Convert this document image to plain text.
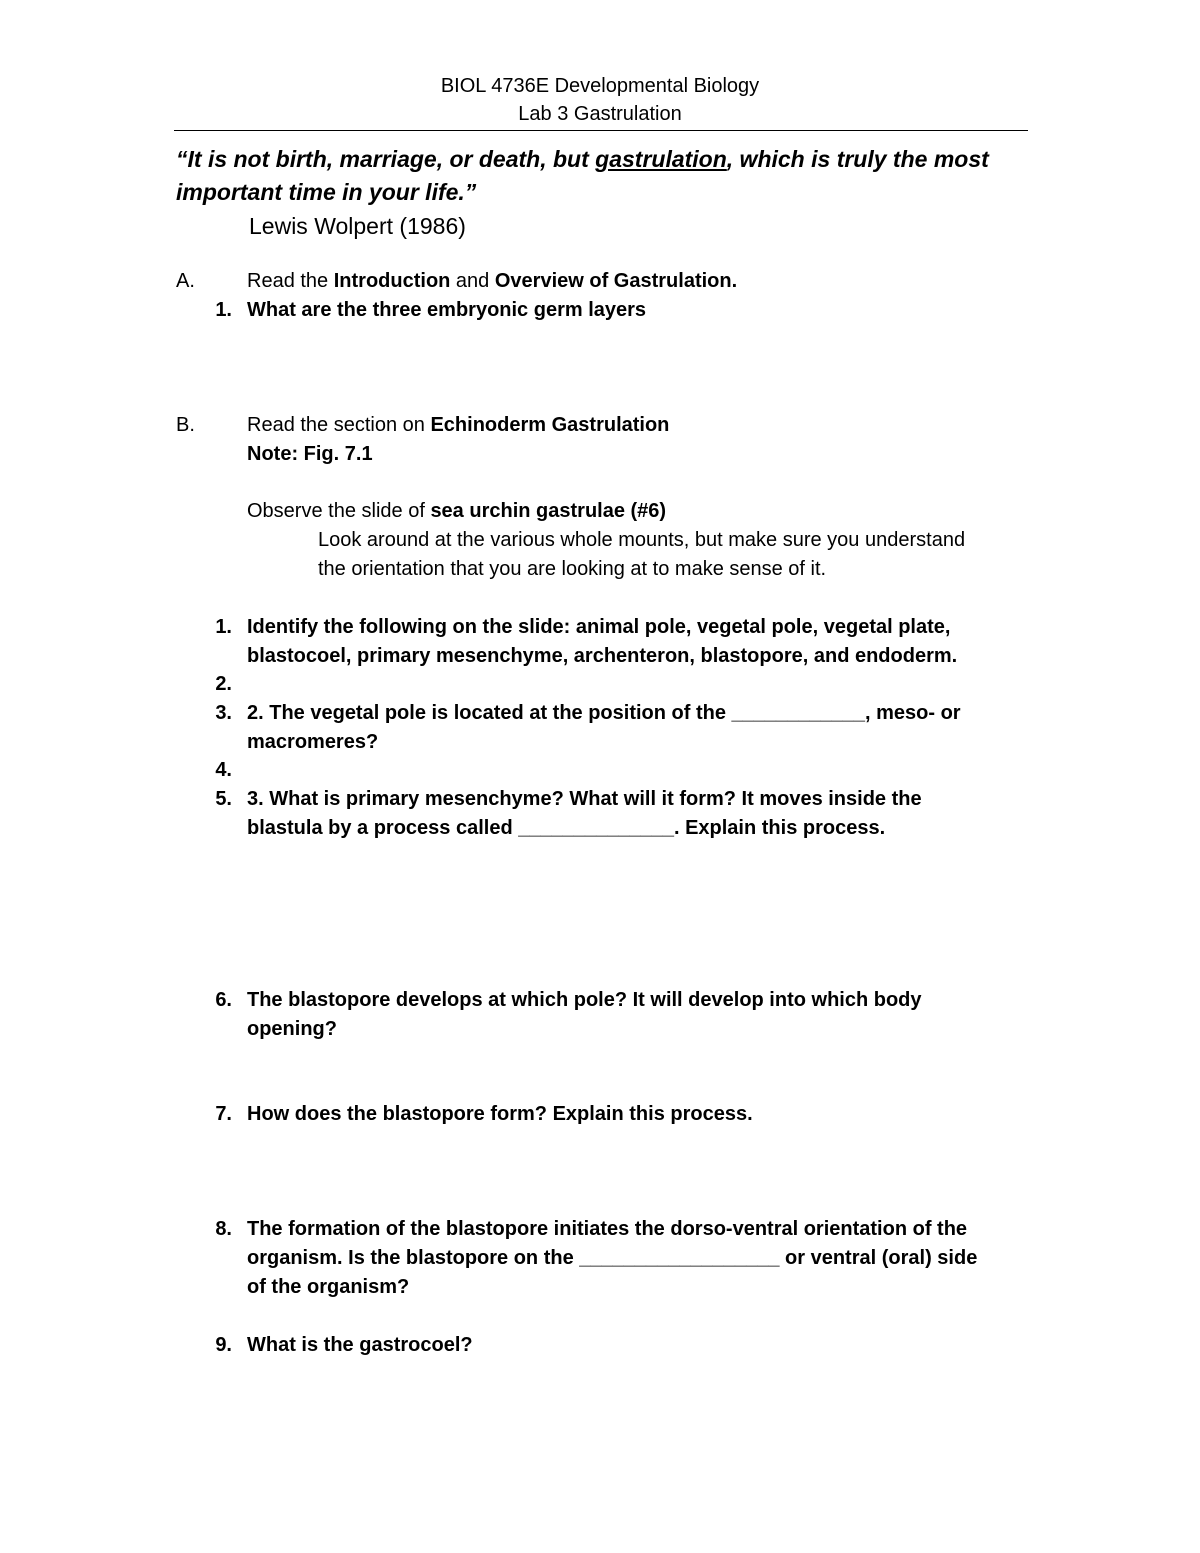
BIOL 4736E Developmental Biology
Lab 3 Gastrulation
“It is not birth, marriage, or death, but gastrulation, which is truly the most
important time in your life.”
Lewis Wolpert (1986)
A.	Read the Introduction and Overview of Gastrulation.
1. What are the three embryonic germ layers
B.	Read the section on Echinoderm Gastrulation
Note: Fig. 7.1
Observe the slide of sea urchin gastrulae (#6)
Look around at the various whole mounts, but make sure you understand
the orientation that you are looking at to make sense of it.
1. Identify the following on the slide: animal pole, vegetal pole, vegetal plate,
blastocoel, primary mesenchyme, archenteron, blastopore, and endoderm.
2.
3. 2. The vegetal pole is located at the position of the ____________, meso- or
macromeres?
4.
5. 3. What is primary mesenchyme? What will it form? It moves inside the
blastula by a process called ______________. Explain this process.
6. The blastopore develops at which pole? It will develop into which body
opening?
7. How does the blastopore form? Explain this process.
8. The formation of the blastopore initiates the dorso-ventral orientation of the
organism. Is the blastopore on the __________________ or ventral (oral) side
of the organism?
9. What is the gastrocoel?
